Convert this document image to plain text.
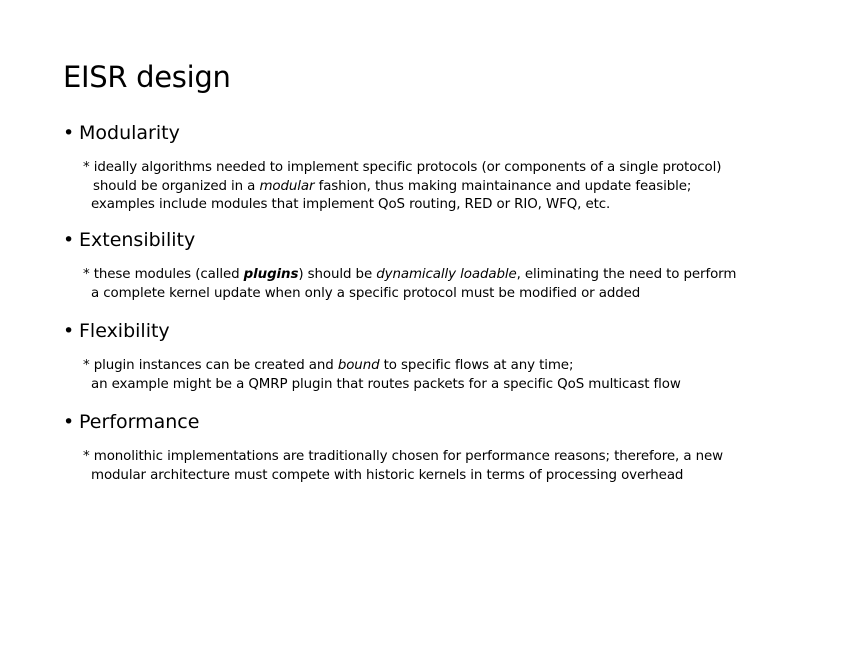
EISR design
• Modularity
* ideally algorithms needed to implement specific protocols (or components of a single protocol)
should be organized in a modular fashion, thus making maintainance and update feasible;
examples include modules that implement QoS routing, RED or RIO, WFQ, etc.
• Extensibility
* these modules (called plugins) should be dynamically loadable, eliminating the need to perform
a complete kernel update when only a specific protocol must be modified or added
• Flexibility
* plugin instances can be created and bound to specific flows at any time;
an example might be a QMRP plugin that routes packets for a specific QoS multicast flow
• Performance
* monolithic implementations are traditionally chosen for performance reasons; therefore, a new
modular architecture must compete with historic kernels in terms of processing overhead
